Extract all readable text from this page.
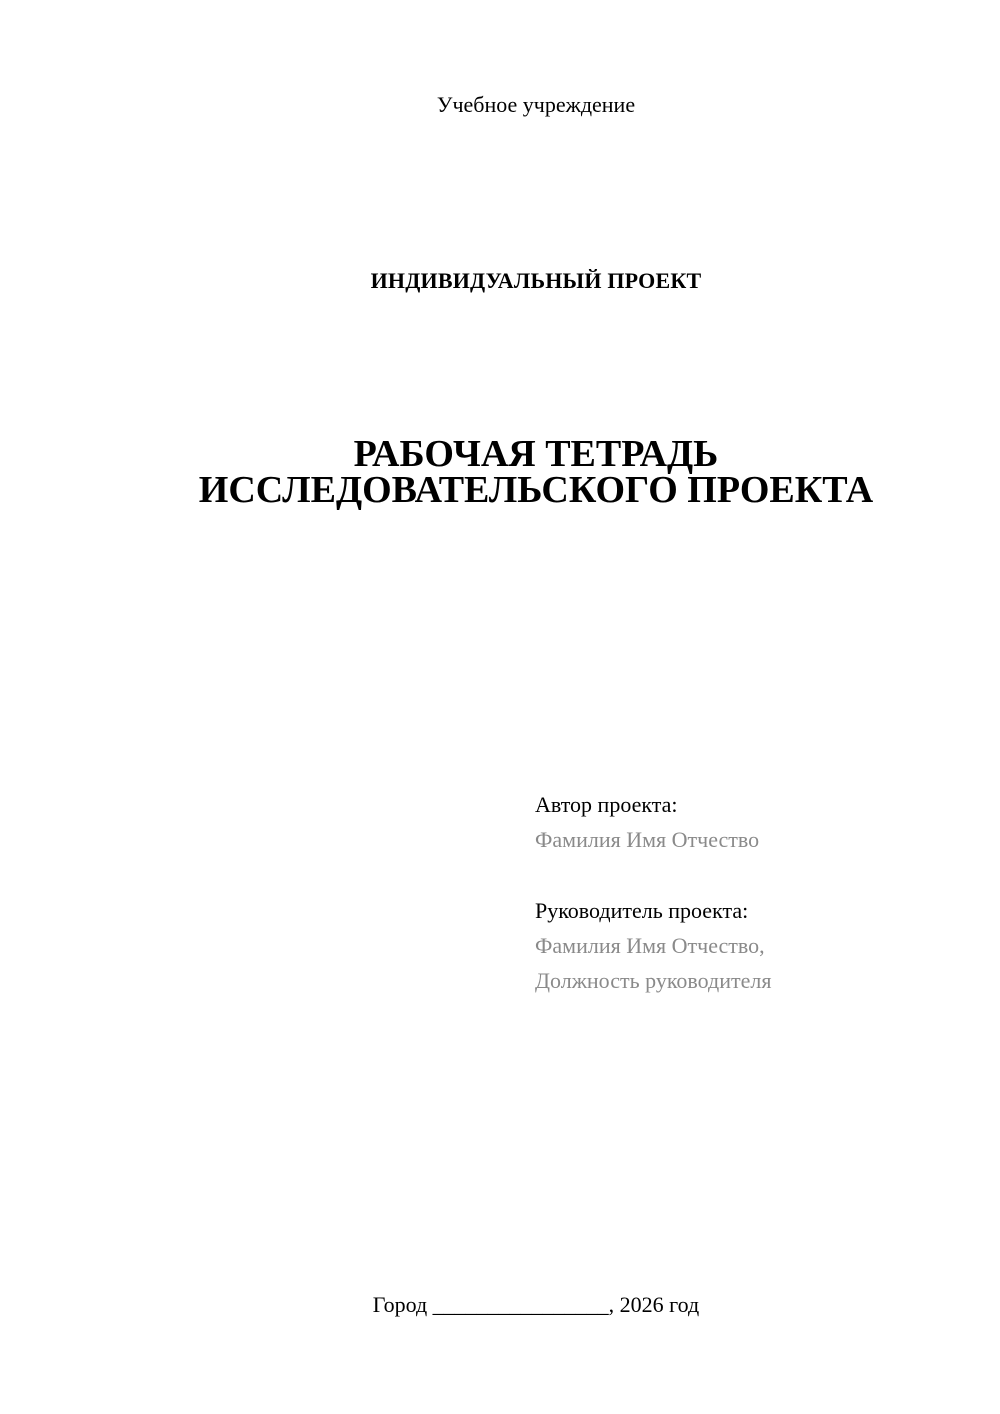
Учебное учреждение
ИНДИВИДУАЛЬНЫЙ ПРОЕКТ
РАБОЧАЯ ТЕТРАДЬ
ИССЛЕДОВАТЕЛЬСКОГО ПРОЕКТА
Автор проекта:
Фамилия Имя Отчество
Руководитель проекта:
Фамилия Имя Отчество,
Должность руководителя
Город ________________, 2026 год
